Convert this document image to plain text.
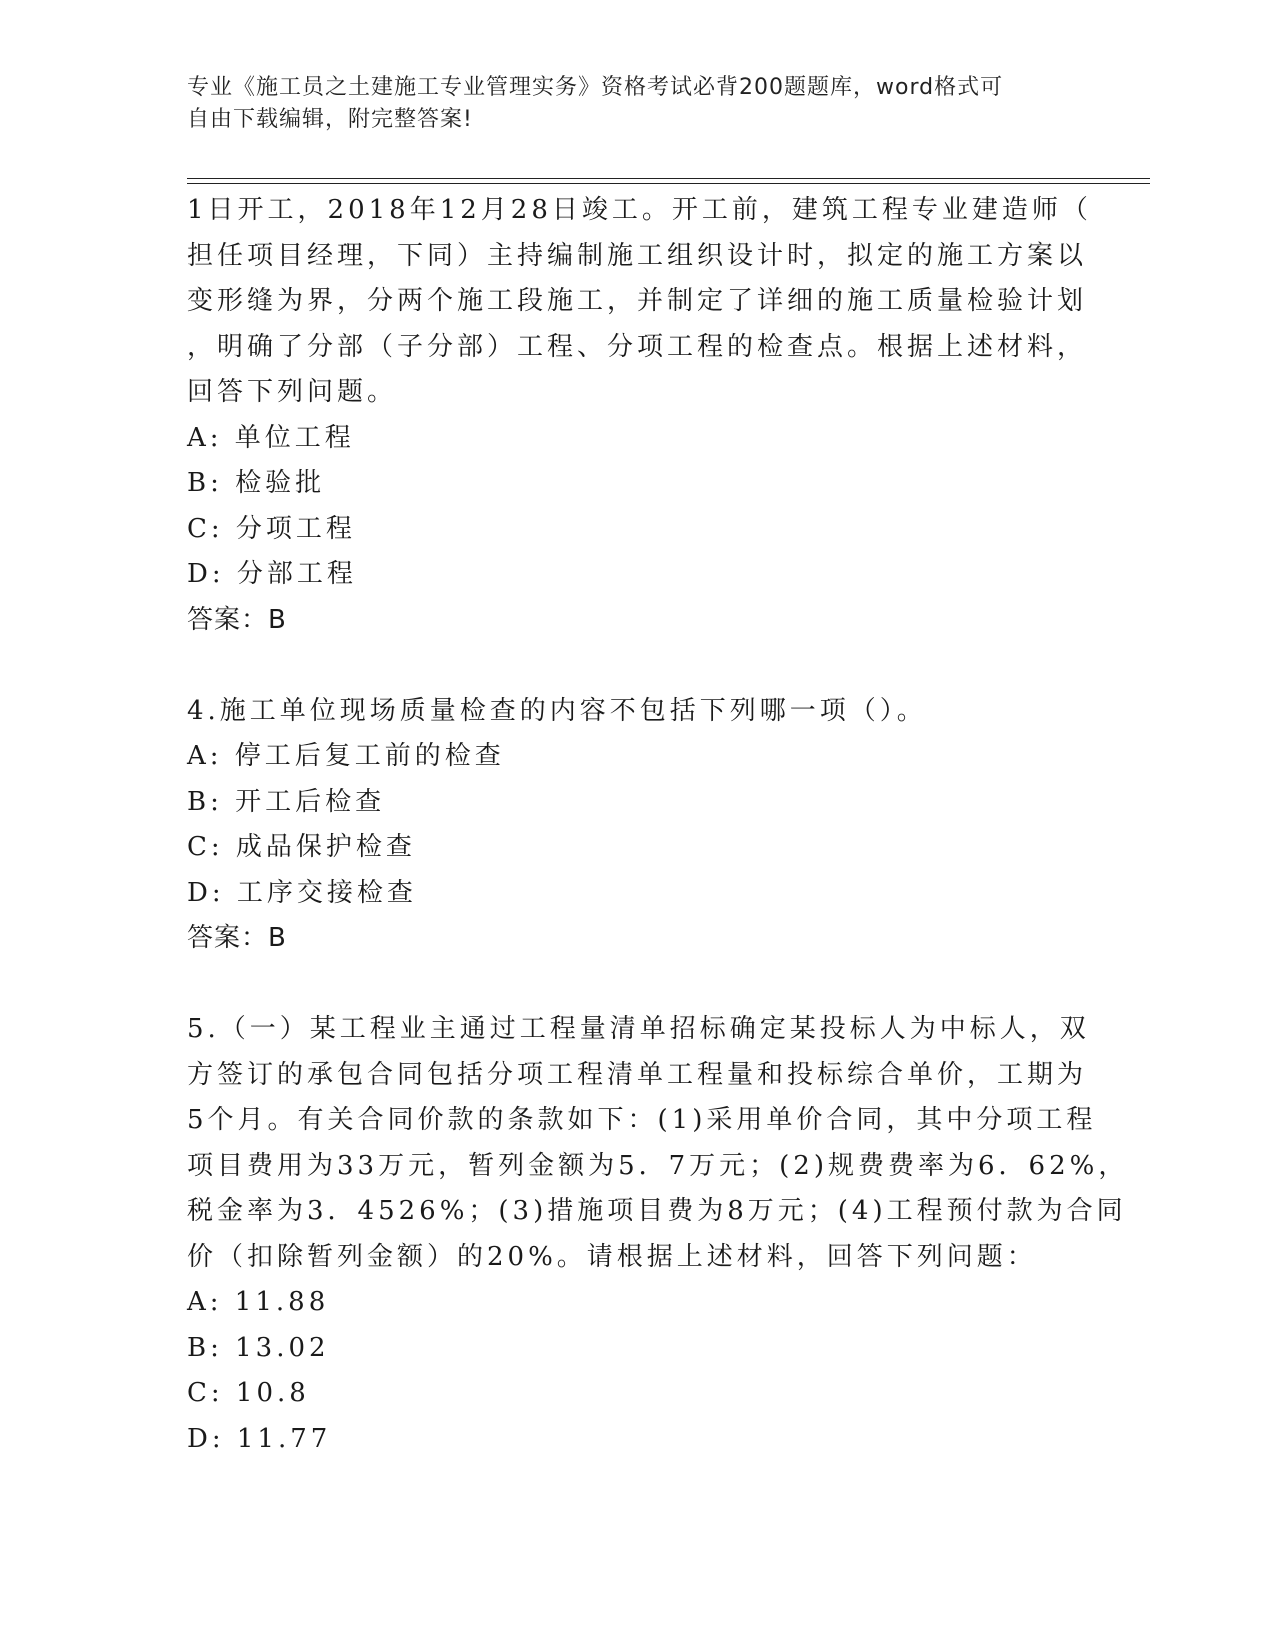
专业《施工员之土建施工专业管理实务》资格考试必背200题题库，word格式可
自由下载编辑，附完整答案!
1日开工，2018年12月28日竣工。开工前，建筑工程专业建造师（
担任项目经理，下同）主持编制施工组织设计时，拟定的施工方案以
变形缝为界，分两个施工段施工，并制定了详细的施工质量检验计划
，明确了分部（子分部）工程、分项工程的检查点。根据上述材料，
回答下列问题。
A: 单位工程
B: 检验批
C: 分项工程
D: 分部工程
答案：B
4.施工单位现场质量检查的内容不包括下列哪一项（）。
A: 停工后复工前的检查
B: 开工后检查
C: 成品保护检查
D: 工序交接检查
答案：B
5.（一）某工程业主通过工程量清单招标确定某投标人为中标人，双
方签订的承包合同包括分项工程清单工程量和投标综合单价，工期为
5个月。有关合同价款的条款如下：(1)采用单价合同，其中分项工程
项目费用为33万元，暂列金额为5．7万元；(2)规费费率为6．62%，
税金率为3．4526%；(3)措施项目费为8万元；(4)工程预付款为合同
价（扣除暂列金额）的20%。请根据上述材料，回答下列问题：
A: 11.88
B: 13.02
C: 10.8
D: 11.77
